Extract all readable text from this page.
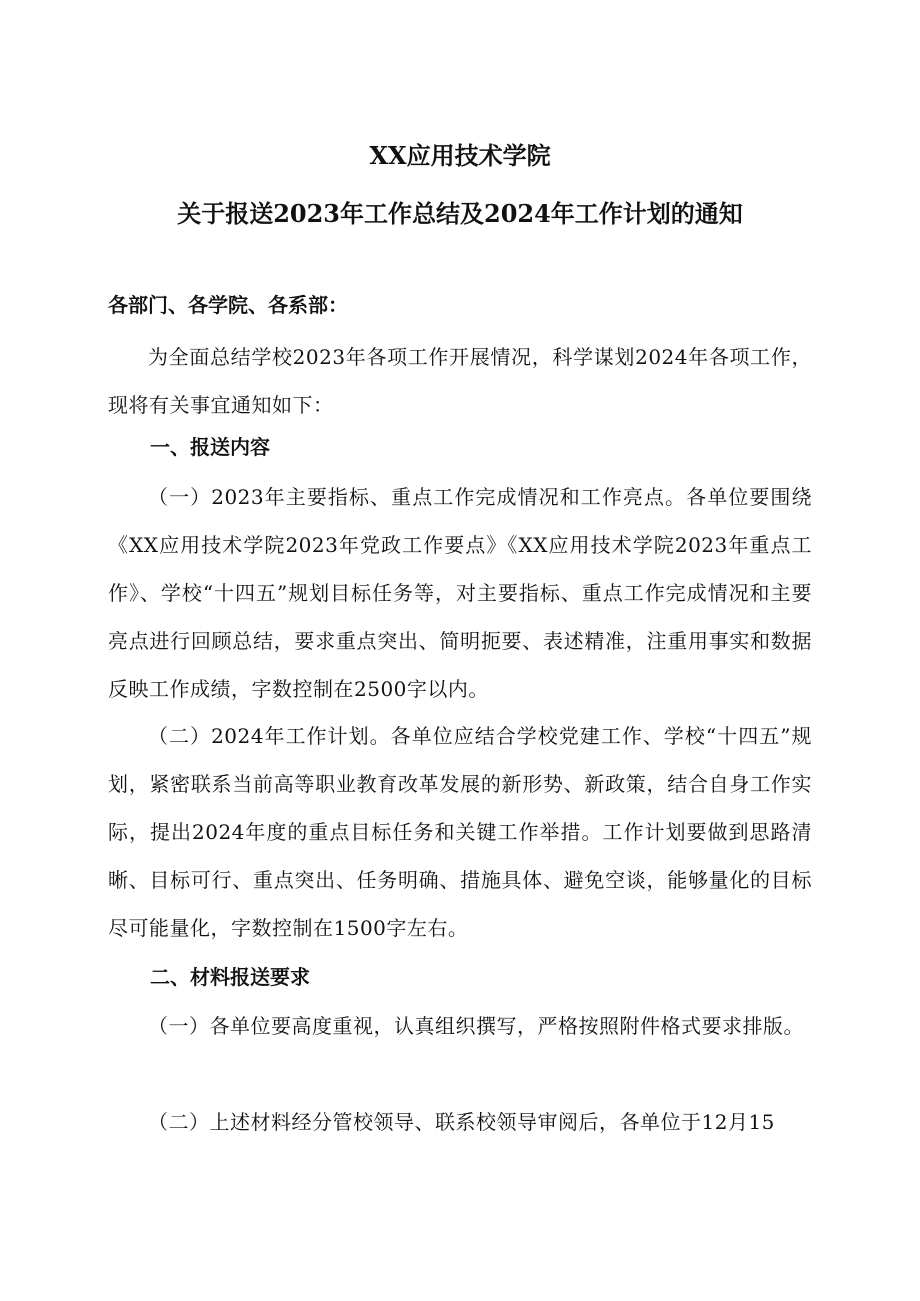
XX应用技术学院
关于报送2023年工作总结及2024年工作计划的通知
各部门、各学院、各系部：
为全面总结学校2023年各项工作开展情况，科学谋划2024年各项工作，现将有关事宜通知如下：
一、报送内容
（一）2023年主要指标、重点工作完成情况和工作亮点。各单位要围绕《XX应用技术学院2023年党政工作要点》《XX应用技术学院2023年重点工作》、学校“十四五”规划目标任务等，对主要指标、重点工作完成情况和主要亮点进行回顾总结，要求重点突出、简明扼要、表述精准，注重用事实和数据反映工作成绩，字数控制在2500字以内。
（二）2024年工作计划。各单位应结合学校党建工作、学校“十四五”规划，紧密联系当前高等职业教育改革发展的新形势、新政策，结合自身工作实际，提出2024年度的重点目标任务和关键工作举措。工作计划要做到思路清晰、目标可行、重点突出、任务明确、措施具体、避免空谈，能够量化的目标尽可能量化，字数控制在1500字左右。
二、材料报送要求
（一）各单位要高度重视，认真组织撰写，严格按照附件格式要求排版。
（二）上述材料经分管校领导、联系校领导审阅后，各单位于12月15
